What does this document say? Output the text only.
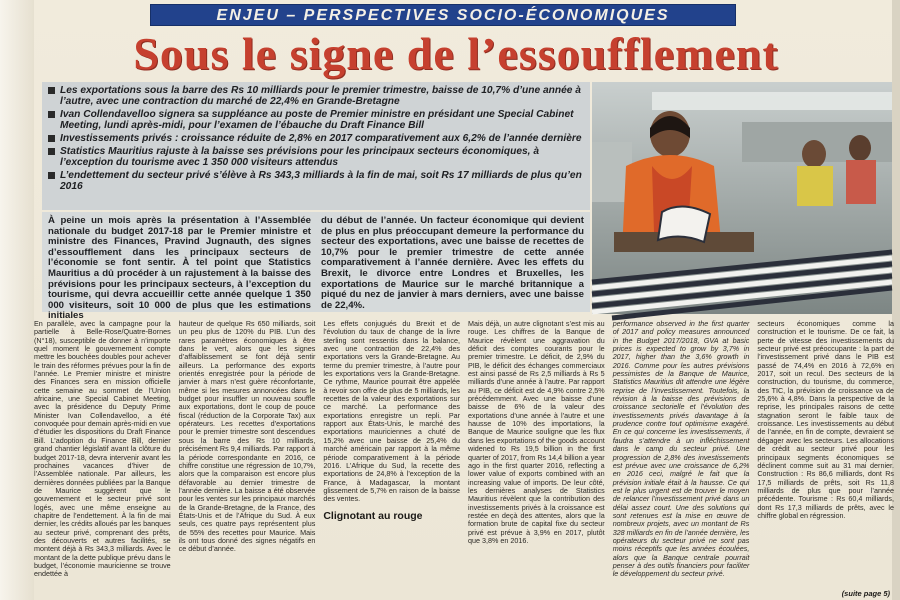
ENJEU – PERSPECTIVES SOCIO-ÉCONOMIQUES
Sous le signe de l’essoufflement
Les exportations sous la barre des Rs 10 milliards pour le premier trimestre, baisse de 10,7% d’une année à l’autre, avec une contraction du marché de 22,4% en Grande-Bretagne
Ivan Collendavelloo signera sa suppléance au poste de Premier ministre en présidant une Special Cabinet Meeting, lundi après-midi, pour l’examen de l’ébauche du Draft Finance Bill
Investissements privés : croissance réduite de 2,8% en 2017 comparativement aux 6,2% de l’année dernière
Statistics Mauritius rajuste à la baisse ses prévisions pour les principaux secteurs économiques, à l’exception du tourisme avec 1 350 000 visiteurs attendus
L’endettement du secteur privé s’élève à Rs 343,3 milliards à la fin de mai, soit Rs 17 milliards de plus qu’en 2016

À peine un mois après la présentation à l’Assemblée nationale du budget 2017-18 par le Premier ministre et ministre des Finances, Pravind Jugnauth, des signes d’essoufflement dans les principaux secteurs de l’économie se font sentir. À tel point que Statistics Mauritius a dû procéder à un rajustement à la baisse des prévisions pour les principaux secteurs, à l’exception du tourisme, qui devra accueillir cette année quelque 1 350 000 visiteurs, soit 10 000 de plus que les estimations initiales

du début de l’année. Un facteur économique qui devient de plus en plus préoccupant demeure la performance du secteur des exportations, avec une baisse de recettes de 10,7% pour le premier trimestre de cette année comparativement à l’année dernière. Avec les effets du Brexit, le divorce entre Londres et Bruxelles, les exportations de Maurice sur le marché britannique a piqué du nez de janvier à mars derniers, avec une baisse de 22,4%.

En parallèle, avec la campagne pour la partielle à Belle-Rose/Quatre-Bornes (N°18), susceptible de donner à n’importe quel moment le gouvernement compte mettre les bouchées doubles pour achever le train des réformes prévues pour la fin de l’année. Le Premier ministre et ministre des Finances sera en mission officielle cette semaine au sommet de l’Union africaine, une Special Cabinet Meeting, avec la présidence du Deputy Prime Minister Ivan Collendavelloo, a été convoquée pour demain après-midi en vue d’étudier les dispositions du Draft Finance Bill. L’adoption du Finance Bill, dernier grand chantier législatif avant la clôture du budget 2017-18, devra intervenir avant les prochaines vacances d’hiver de l’Assemblée nationale. Par ailleurs, les dernières données publiées par la Banque de Maurice suggèrent que le gouvernement et le secteur privé sont logés, avec une même enseigne au chapitre de l’endettement. À la fin de mai dernier, les crédits alloués par les banques au secteur privé, comprenant des prêts, des découverts et autres facilités, se montent déjà à Rs 343,3 milliards. Avec le montant de la dette publique prévu dans le budget, l’économie mauricienne se trouve endettée à
hauteur de quelque Rs 650 milliards, soit un peu plus de 120% du PIB. L’un des rares paramètres économiques à être dans le vert, alors que les signes d’affaiblissement se font déjà sentir ailleurs. La performance des exports orientés enregistrée pour la période de janvier à mars n’est guère réconfortante, même si les mesures annoncées dans le budget pour insuffler un nouveau souffle aux exportations, dont le coup de pouce fiscal (réduction de la Corporate Tax) aux opérateurs. Les recettes d’exportations pour le premier trimestre sont descendues sous la barre des Rs 10 milliards, précisément Rs 9,4 milliards. Par rapport à la période correspondante en 2016, ce chiffre constitue une régression de 10,7%, alors que la comparaison est encore plus défavorable au dernier trimestre de l’année dernière. La baisse a été observée pour les ventes sur les principaux marchés de la Grande-Bretagne, de la France, des États-Unis et de l’Afrique du Sud. À eux seuls, ces quatre pays représentent plus de 55% des recettes pour Maurice. Mais ils ont tous donné des signes négatifs en ce début d’année.
Les effets conjugués du Brexit et de l’évolution du taux de change de la livre sterling sont ressentis dans la balance, avec une contraction de 22,4% des exportations vers la Grande-Bretagne. Au terme du premier trimestre, à l’autre pour les exportations vers la Grande-Bretagne. Ce rythme, Maurice pourrait être appelée à revoir son offre de plus de 5 milliards, les recettes de la valeur des exportations sur ce marché. La performance des exportations enregistre un repli. Par rapport aux États-Unis, le marché des exportations mauriciennes a chuté de 15,2% avec une baisse de 25,4% du marché américain par rapport à la même période comparativement à la période 2016. L’Afrique du Sud, la recette des exportations de 24,8% à l’exception de la France, à Madagascar, la montant glissement de 5,7% en raison de la baisse des ventes.
Clignotant au rouge
Mais déjà, un autre clignotant s’est mis au rouge. Les chiffres de la Banque de Maurice révèlent une aggravation du déficit des comptes courants pour le premier trimestre. Le déficit, de 2,9% du PIB, le déficit des échanges commerciaux est ainsi passé de Rs 2,5 milliards à Rs 5 milliards d’une année à l’autre. Par rapport au PIB, ce déficit est de 4,9% contre 2,5% précédemment. Avec une baisse d’une baisse de 6% de la valeur des exportations d’une année à l’autre et une hausse de 10% des importations, la Banque de Maurice souligne que les flux dans les exportations of the goods account widened to Rs 19,5 billion in the first quarter of 2017, from Rs 14,4 billion a year ago in the first quarter 2016, reflecting a lower value of exports combined with an increasing value of imports. De leur côté, les dernières analyses de Statistics Mauritius révèlent que la contribution des investissements privés à la croissance est restée en deçà des attentes, alors que la formation brute de capital fixe du secteur privé est prévue à 3,9% en 2017, plutôt que 3,8% en 2016.
performance observed in the first quarter of 2017 and policy measures announced in the Budget 2017/2018, GVA at basic prices is expected to grow by 3,7% in 2017, higher than the 3,6% growth in 2016. Comme pour les autres prévisions pessimistes de la Banque de Maurice, Statistics Mauritius dit attendre une légère reprise de l’investissement. Toutefois, la révision à la baisse des prévisions de croissance sectorielle et l’évolution des investissements privés davantage à la prudence contre tout optimisme exagéré. En ce qui concerne les investissements, il faudra s’attendre à un infléchissement dans le camp du secteur privé. Une progression de 2,8% des investissements est prévue avec une croissance de 6,2% en 2016 ceci, malgré le fait que la prévision initiale était à la hausse. Ce qui est le plus urgent est de trouver le moyen de relancer l’investissement privé dans un délai assez court. Une des solutions qui sont retenues est la mise en œuvre de nombreux projets, avec un montant de Rs 328 milliards en fin de l’année dernière, les opérateurs du secteur privé ne sont pas moins réceptifs que les années écoulées, alors que la Banque centrale pourrait penser à des outils financiers pour faciliter le développement du secteur privé.
secteurs économiques comme la construction et le tourisme. De ce fait, la perte de vitesse des investissements du secteur privé est préoccupante : la part de l’investissement privé dans le PIB est passé de 74,4% en 2016 à 72,6% en 2017, soit un recul. Des secteurs de la construction, du tourisme, du commerce, des TIC, la prévision de croissance va de 25,6% à 4,8%. Dans la perspective de la reprise, les principales raisons de cette stagnation seront le faible taux de croissance. Les investissements au début de l’année, en fin de compte, devraient se dégager avec les secteurs. Les allocations de crédit au secteur privé pour les principaux segments économiques se déclinent comme suit au 31 mai dernier. Construction : Rs 86,6 milliards, dont Rs 17,5 milliards de prêts, soit Rs 11,8 milliards de plus que pour l’année précédente. Tourisme : Rs 60,4 milliards, dont Rs 17,3 milliards de prêts, avec le chiffre global en régression.
(suite page 5)
